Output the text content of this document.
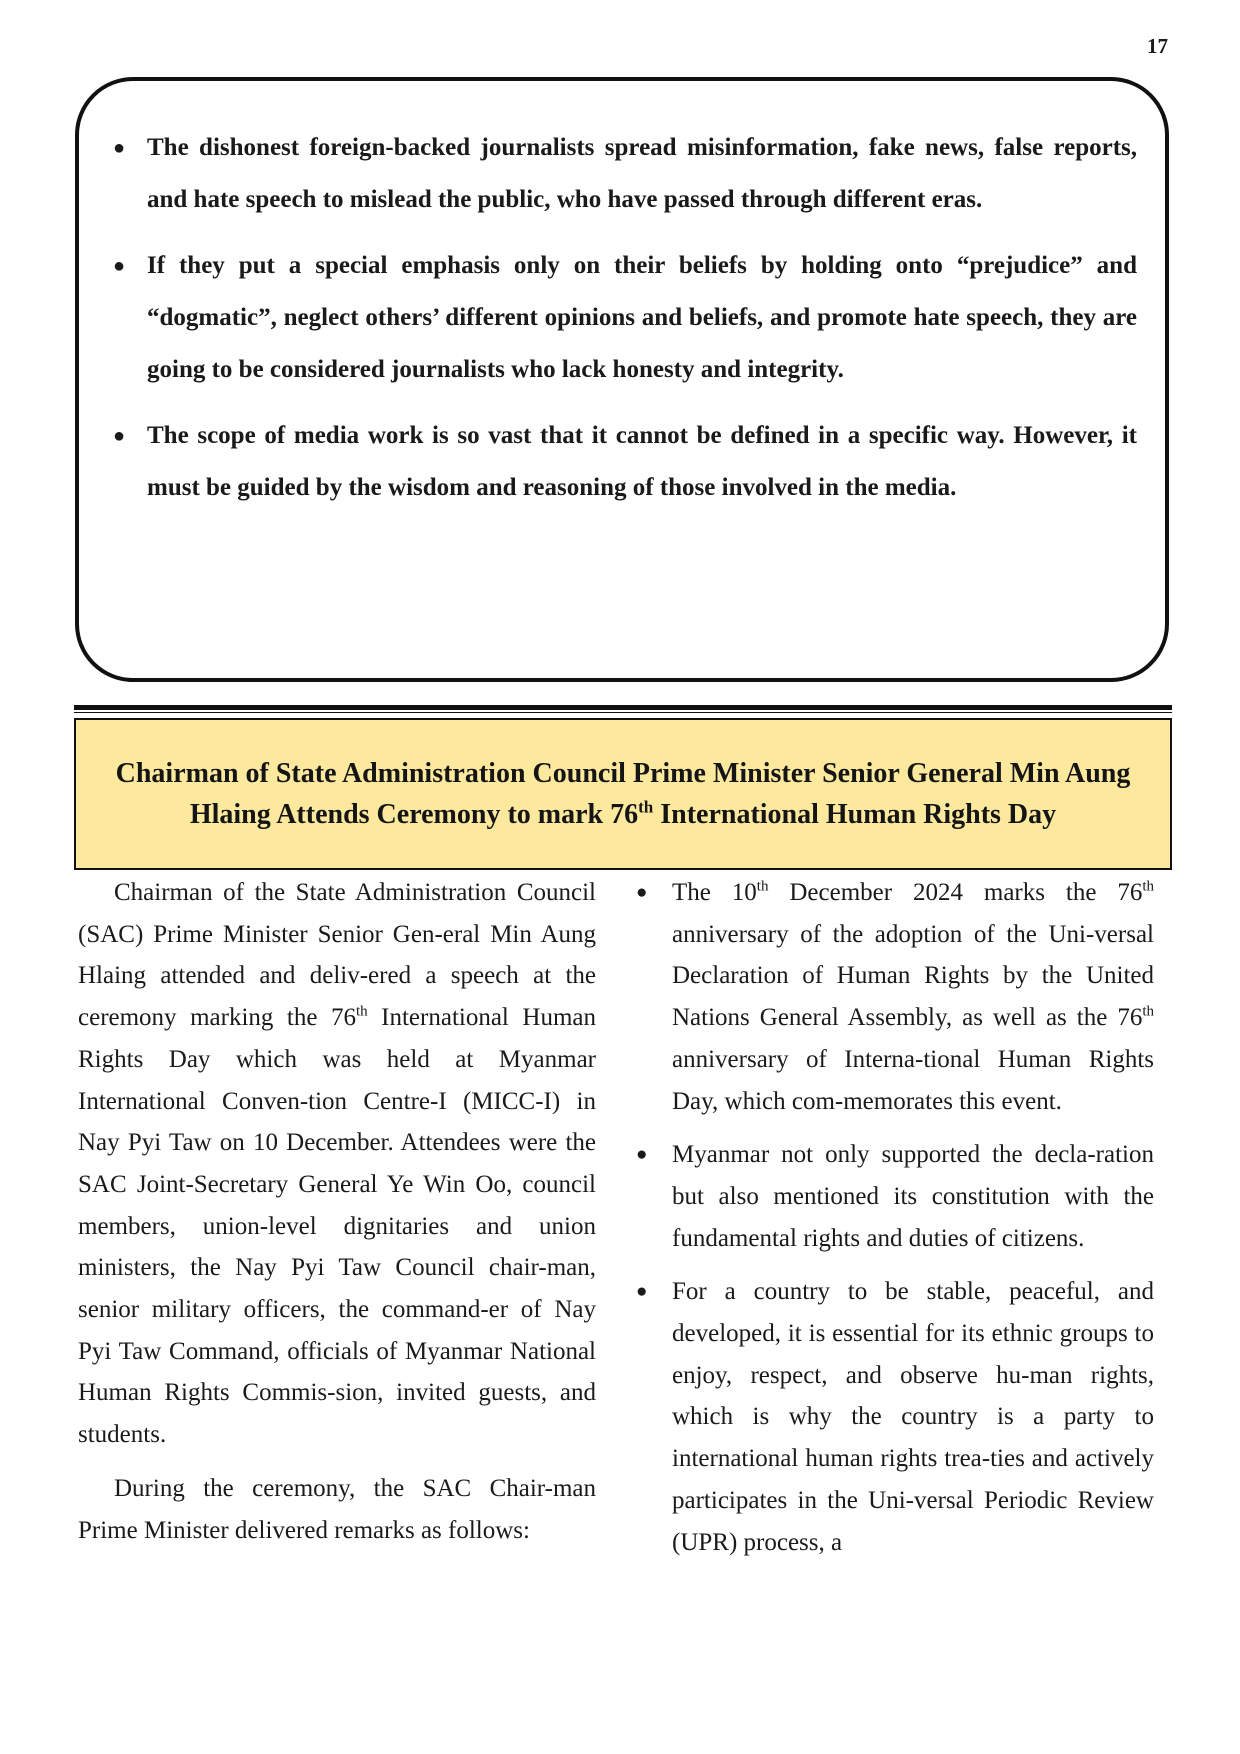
17
● The dishonest foreign-backed journalists spread misinformation, fake news, false reports, and hate speech to mislead the public, who have passed through different eras.
● If they put a special emphasis only on their beliefs by holding onto “prejudice” and “dogmatic”, neglect others’ different opinions and beliefs, and promote hate speech, they are going to be considered journalists who lack honesty and integrity.
● The scope of media work is so vast that it cannot be defined in a specific way. However, it must be guided by the wisdom and reasoning of those involved in the media.
Chairman of State Administration Council Prime Minister Senior General Min Aung Hlaing Attends Ceremony to mark 76th International Human Rights Day

Chairman of the State Administration Council (SAC) Prime Minister Senior Gen-eral Min Aung Hlaing attended and deliv-ered a speech at the ceremony marking the 76th International Human Rights Day which was held at Myanmar International Conven-tion Centre-I (MICC-I) in Nay Pyi Taw on 10 December. Attendees were the SAC Joint-Secretary General Ye Win Oo, council members, union-level dignitaries and union ministers, the Nay Pyi Taw Council chair-man, senior military officers, the command-er of Nay Pyi Taw Command, officials of Myanmar National Human Rights Commis-sion, invited guests, and students.

During the ceremony, the SAC Chair-man Prime Minister delivered remarks as follows:

● The 10th December 2024 marks the 76th anniversary of the adoption of the Uni-versal Declaration of Human Rights by the United Nations General Assembly, as well as the 76th anniversary of Interna-tional Human Rights Day, which com-memorates this event.
● Myanmar not only supported the decla-ration but also mentioned its constitution with the fundamental rights and duties of citizens.
● For a country to be stable, peaceful, and developed, it is essential for its ethnic groups to enjoy, respect, and observe hu-man rights, which is why the country is a party to international human rights trea-ties and actively participates in the Uni-versal Periodic Review (UPR) process, a
